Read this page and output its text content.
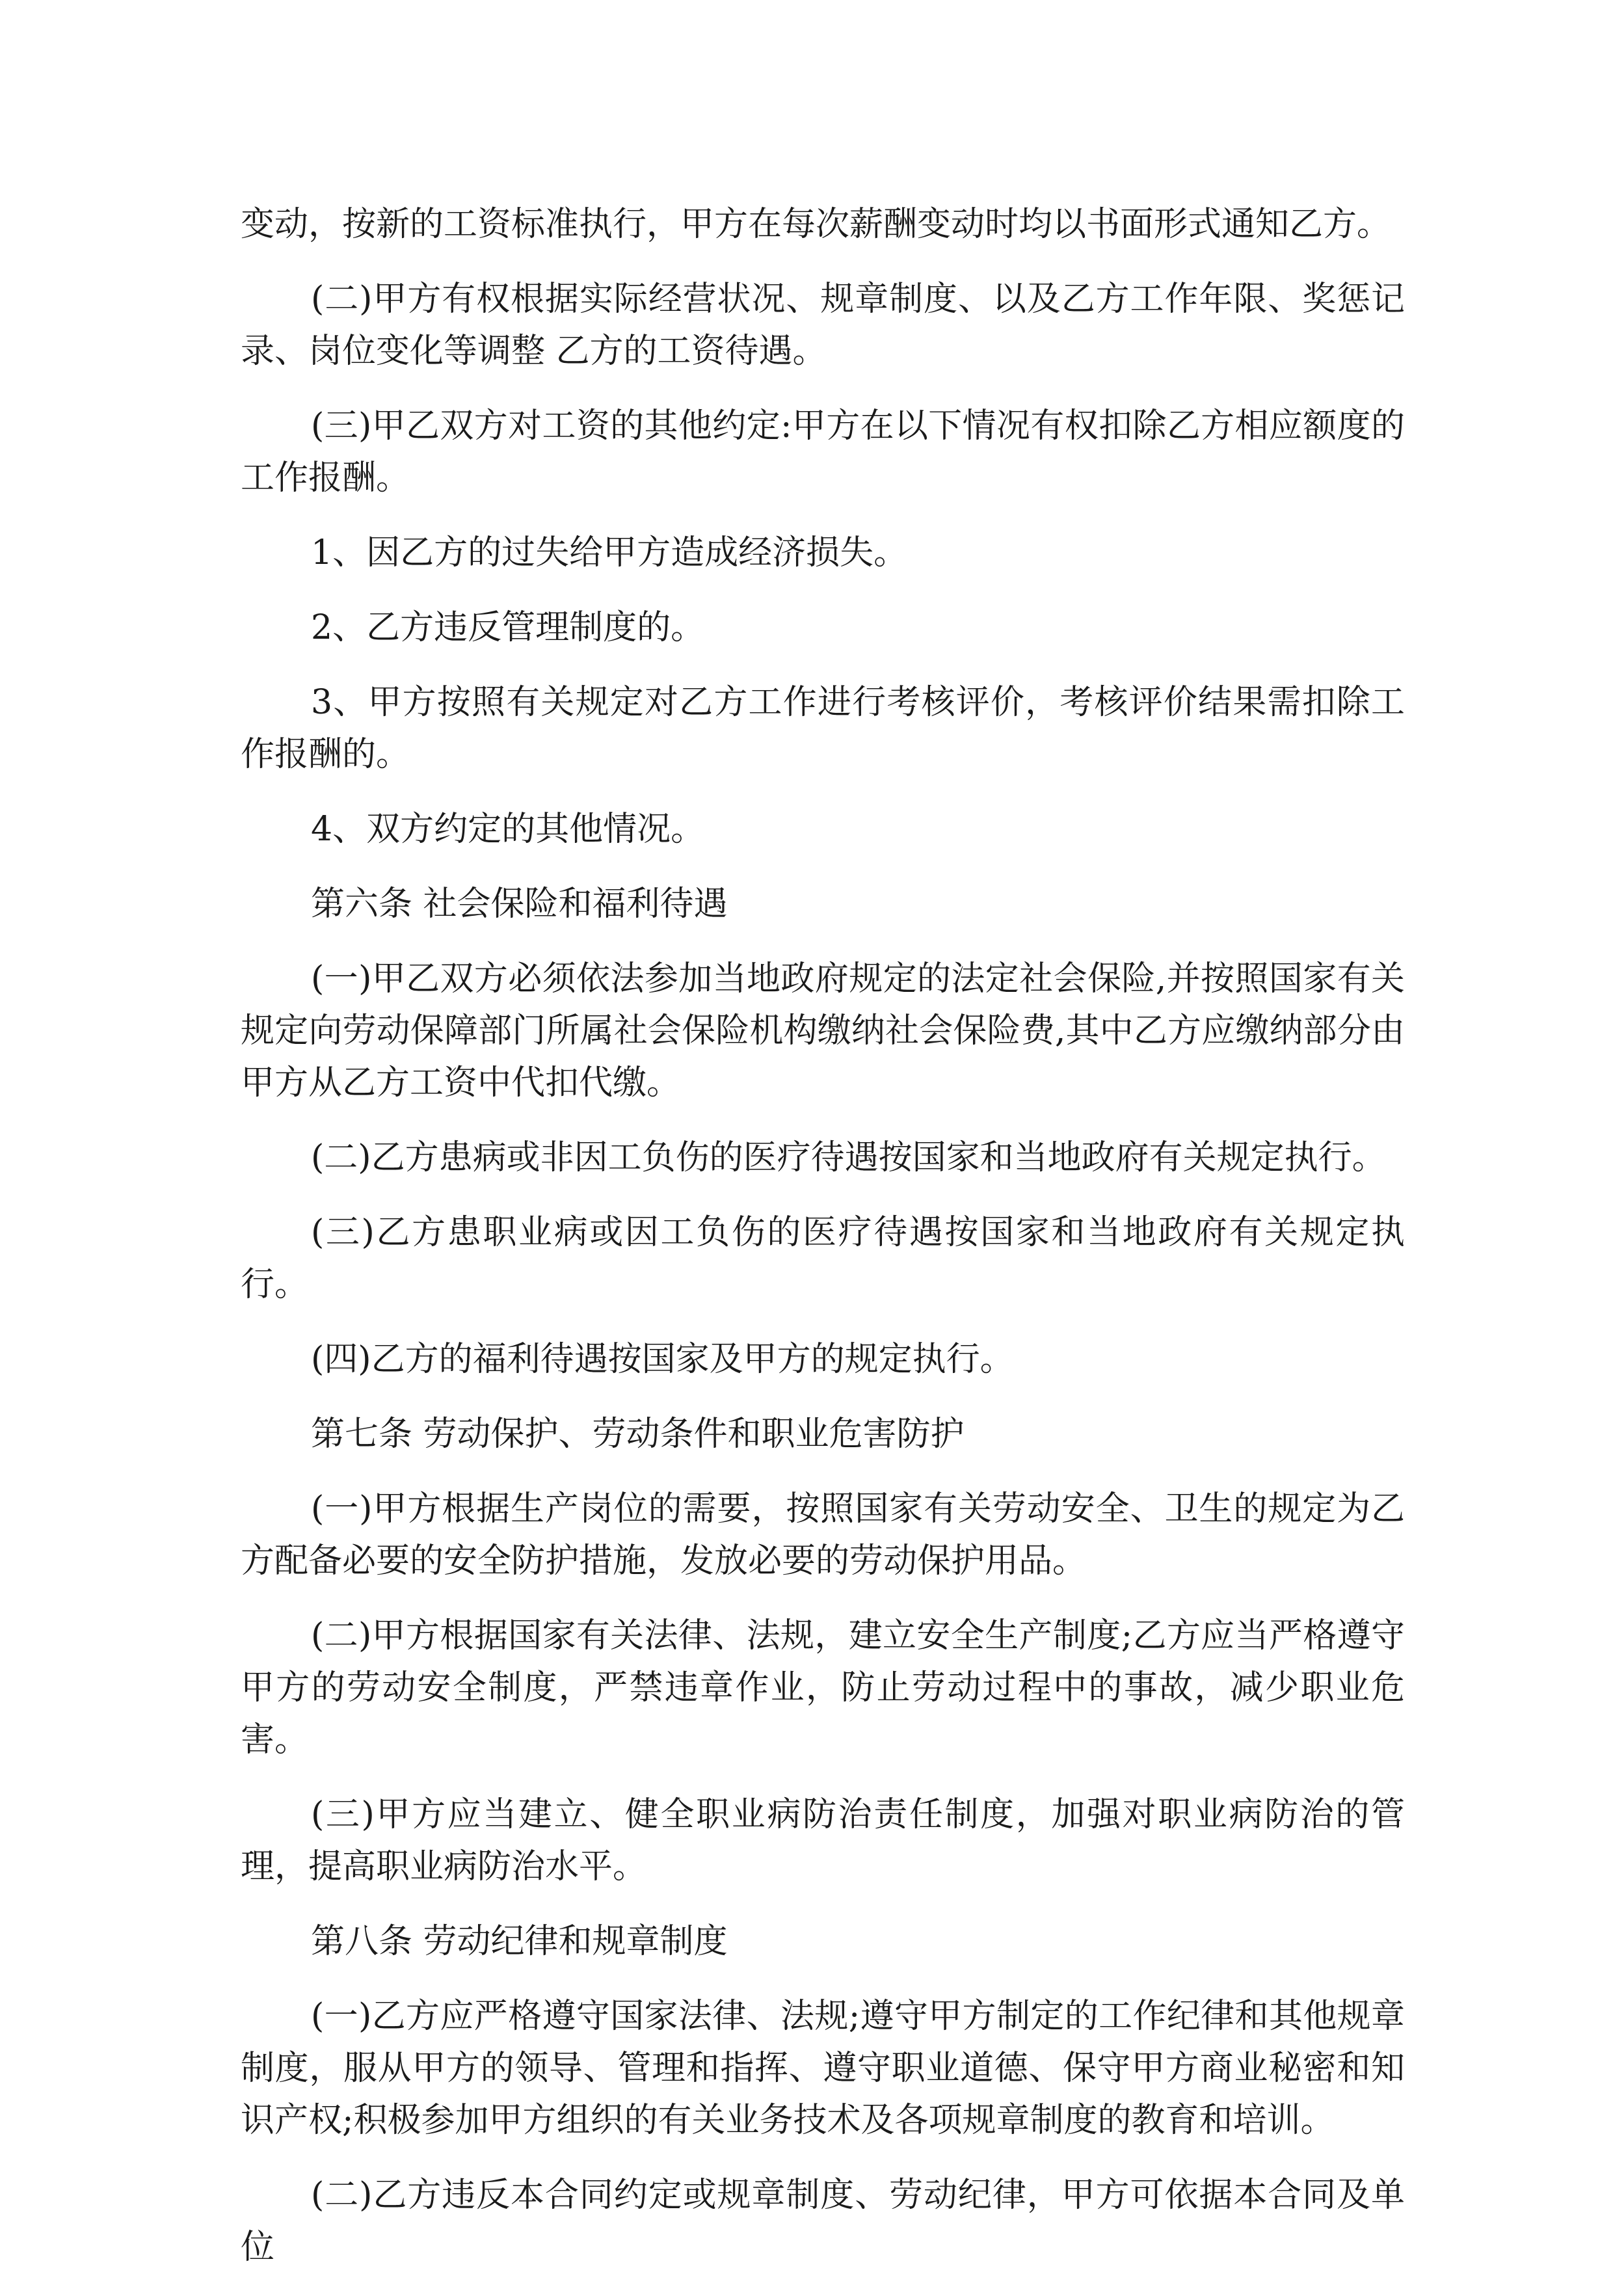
变动，按新的工资标准执行，甲方在每次薪酬变动时均以书面形式通知乙方。

(二)甲方有权根据实际经营状况、规章制度、以及乙方工作年限、奖惩记录、岗位变化等调整 乙方的工资待遇。

(三)甲乙双方对工资的其他约定:甲方在以下情况有权扣除乙方相应额度的工作报酬。

1、因乙方的过失给甲方造成经济损失。

2、乙方违反管理制度的。

3、甲方按照有关规定对乙方工作进行考核评价，考核评价结果需扣除工作报酬的。

4、双方约定的其他情况。

第六条 社会保险和福利待遇

(一)甲乙双方必须依法参加当地政府规定的法定社会保险,并按照国家有关规定向劳动保障部门所属社会保险机构缴纳社会保险费,其中乙方应缴纳部分由甲方从乙方工资中代扣代缴。

(二)乙方患病或非因工负伤的医疗待遇按国家和当地政府有关规定执行。

(三)乙方患职业病或因工负伤的医疗待遇按国家和当地政府有关规定执行。

(四)乙方的福利待遇按国家及甲方的规定执行。

第七条 劳动保护、劳动条件和职业危害防护

(一)甲方根据生产岗位的需要，按照国家有关劳动安全、卫生的规定为乙方配备必要的安全防护措施，发放必要的劳动保护用品。

(二)甲方根据国家有关法律、法规，建立安全生产制度;乙方应当严格遵守甲方的劳动安全制度，严禁违章作业，防止劳动过程中的事故，减少职业危害。

(三)甲方应当建立、健全职业病防治责任制度，加强对职业病防治的管理，提高职业病防治水平。

第八条 劳动纪律和规章制度

(一)乙方应严格遵守国家法律、法规;遵守甲方制定的工作纪律和其他规章制度，服从甲方的领导、管理和指挥、遵守职业道德、保守甲方商业秘密和知识产权;积极参加甲方组织的有关业务技术及各项规章制度的教育和培训。

(二)乙方违反本合同约定或规章制度、劳动纪律，甲方可依据本合同及单位
